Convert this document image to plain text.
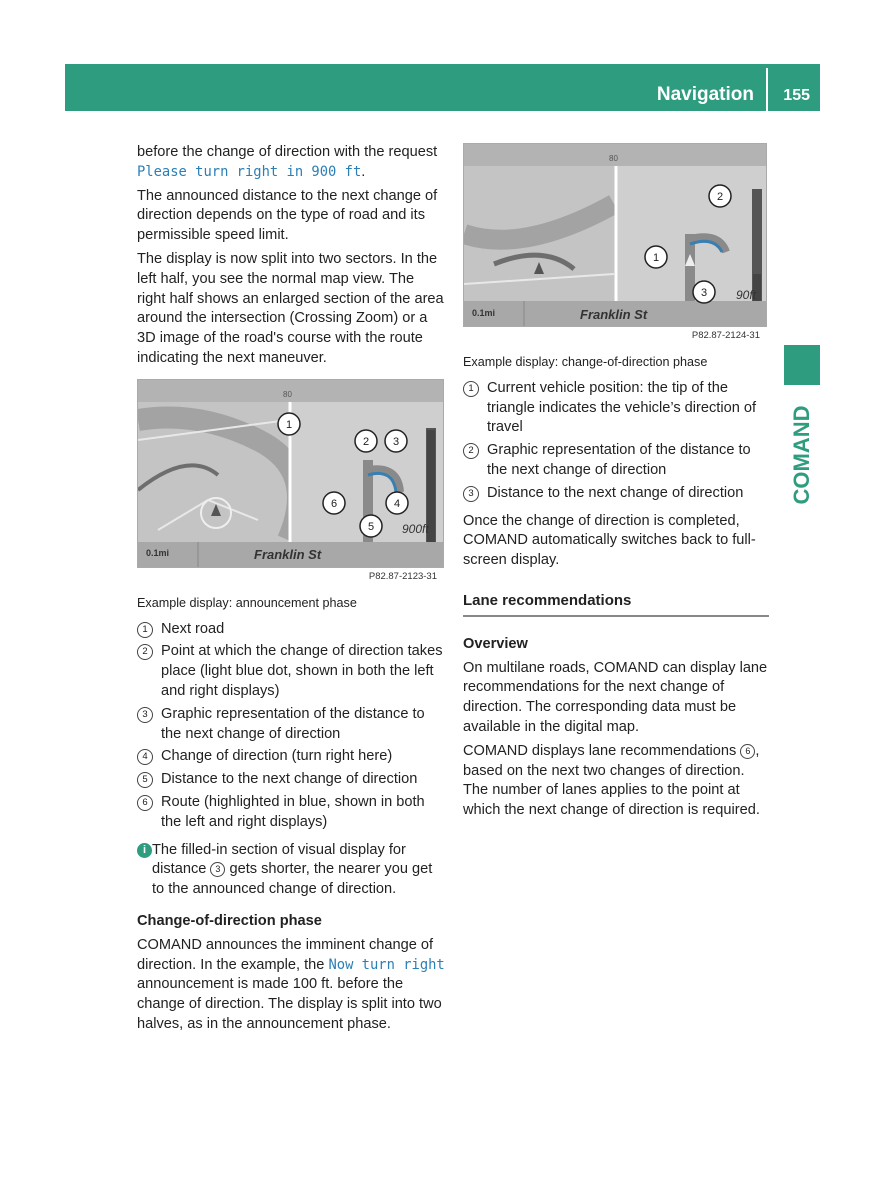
Navigation 155
COMAND

before the change of direction with the request Please turn right in 900 ft.

The announced distance to the next change of direction depends on the type of road and its permissible speed limit.

The display is now split into two sectors. In the left half, you see the normal map view. The right half shows an enlarged section of the area around the intersection (Crossing Zoom) or a 3D image of the road's course with the route indicating the next maneuver.

1
2 3
6	4
5
80
0.1mi	Franklin St
900ft
P82.87-2123-31
Example display: announcement phase
1 Next road
2 Point at which the change of direction takes place (light blue dot, shown in both the left and right displays)
3 Graphic representation of the distance to the next change of direction
4 Change of direction (turn right here)
5 Distance to the next change of direction
6 Route (highlighted in blue, shown in both the left and right displays)
i The filled-in section of visual display for distance 3 gets shorter, the nearer you get to the announced change of direction.
Change-of-direction phase

COMAND announces the imminent change of direction. In the example, the Now turn right announcement is made 100 ft. before the change of direction. The display is split into two halves, as in the announcement phase.

2
1
3
80
0.1mi	Franklin St
90ft
P82.87-2124-31
Example display: change-of-direction phase
1 Current vehicle position: the tip of the triangle indicates the vehicle’s direction of travel
2 Graphic representation of the distance to the next change of direction
3 Distance to the next change of direction

Once the change of direction is completed, COMAND automatically switches back to full-screen display.

Lane recommendations
Overview

On multilane roads, COMAND can display lane recommendations for the next change of direction. The corresponding data must be available in the digital map.

COMAND displays lane recommendations 6 , based on the next two changes of direction. The number of lanes applies to the point at which the next change of direction is required.
